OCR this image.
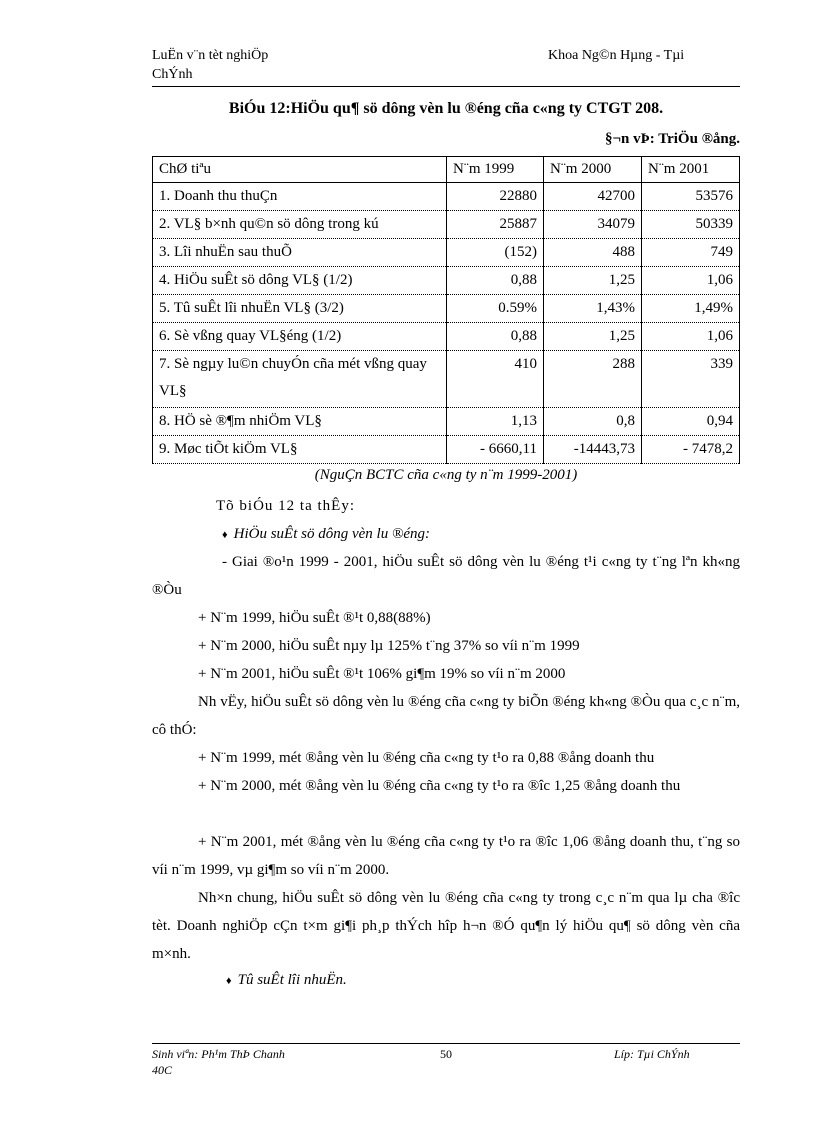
LuËn v¨n tèt nghiÖp
ChÝnh
Khoa Ng©n Hµng - Tµi
BiÓu 12:HiÖu qu¶ sö dông vèn lu ®éng cña c«ng ty CTGT 208.
§¬n vÞ: TriÖu ®ång.
ChØ tiªu	N¨m 1999	N¨m 2000	N¨m 2001
1. Doanh thu thuÇn	22880	42700	53576
2. VL§ b×nh qu©n sö dông trong kú	25887	34079	50339
3. Lîi nhuËn sau thuÕ	(152)	488	749
4. HiÖu suÊt sö dông VL§ (1/2)	0,88	1,25	1,06
5. Tû suÊt lîi nhuËn VL§ (3/2)	0.59%	1,43%	1,49%
6. Sè vßng quay VL§éng (1/2)	0,88	1,25	1,06
7. Sè ngµy lu©n chuyÓn cña mét vßng quay VL§	410	288	339
8. HÖ sè ®¶m nhiÖm VL§	1,13	0,8	0,94
9. Møc tiÕt kiÖm VL§	- 6660,11	-14443,73	- 7478,2
(NguÇn BCTC cña c«ng ty n¨m 1999-2001)
Tõ biÓu 12 ta thÊy:
♦ HiÖu suÊt sö dông vèn lu ®éng:
- Giai ®o¹n 1999 - 2001, hiÖu suÊt sö dông vèn lu ®éng t¹i c«ng ty t¨ng lªn kh«ng ®Òu
+ N¨m 1999, hiÖu suÊt ®¹t 0,88(88%)
+ N¨m 2000, hiÖu suÊt nµy lµ 125% t¨ng 37% so víi n¨m 1999
+ N¨m 2001, hiÖu suÊt ®¹t 106% gi¶m 19% so víi n¨m 2000
Nh vËy, hiÖu suÊt sö dông vèn lu ®éng cña c«ng ty biÕn ®éng kh«ng ®Òu qua c¸c n¨m, cô thÓ:
+ N¨m 1999, mét ®ång vèn lu ®éng cña c«ng ty t¹o ra 0,88 ®ång doanh thu
+ N¨m 2000, mét ®ång vèn lu ®éng cña c«ng ty t¹o ra ®îc 1,25 ®ång doanh thu
+ N¨m 2001, mét ®ång vèn lu ®éng cña c«ng ty t¹o ra ®îc 1,06 ®ång doanh thu, t¨ng so víi n¨m 1999, vµ gi¶m so víi n¨m 2000.
Nh×n chung, hiÖu suÊt sö dông vèn lu ®éng cña c«ng ty trong c¸c n¨m qua lµ cha ®îc tèt. Doanh nghiÖp cÇn t×m gi¶i ph¸p thÝch hîp h¬n ®Ó qu¶n lý hiÖu qu¶ sö dông vèn cña m×nh.
♦ Tû suÊt lîi nhuËn.
Sinh viªn: Ph¹m ThÞ Chanh
40C
50	Líp: Tµi ChÝnh
